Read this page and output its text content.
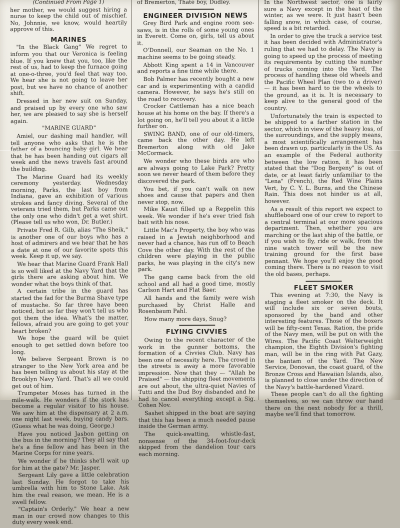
(Continued From Page 1)

her mother, we would suggest hiring a nurse to keep the child out of mischief. No, Johnnie, we know, would heartily approve of this.

MARINES

"In the Black Gang" We regret to inform you that our Veronica is feeling blue. If you knew that you, too, like the rest of us, had to keep the furnace going at one-o-three, you'd feel that way too. We hear she is not going to leave her post, but we have no chance of another shift.

Dressed in her new suit on Sunday, and praised up by every one who saw her, we are pleased to say she is herself again.

"MARINE GUARD"

Amiel, our dashing mail handler, will tell anyone who asks that he is the father of a bouncing baby girl. We hear that he has been handing out cigars all week and the news travels fast around the building.

The Marine Guard had its weekly ceremony yesterday. Wednesday morning, Parks, the last boy from Indiana, gave an exhibition of various strokes and fancy diving. Several of the veterans tried them, but Parks came out the only one who didn't get a wet shirt. (Please tell us who won, Dr. Butler.)

Private Fred R. Gilb, alias "The Sheik," is another one of our boys who has a host of admirers and we hear that he has a date at one of our favorite spots this week. Keep it up, we say.

We hear that Marine Guard Frank Hall is so well liked at the Navy Yard that the girls there are asking about him. We wonder what the boys think of that.

A certain tribe in the guard has started the fad for the Burma Shave type of mustache. So far three have been noticed, but so far they won't tell us who got them the idea. What's the matter, fellows, afraid you are going to get your heart broken?

We hope the guard will be quiet enough to get settled down before too long.

We believe Sergeant Brown is no stranger to the New York area and he has been telling us about his stay at the Brooklyn Navy Yard. That's all we could get out of him.

Trumpeter Moses has turned in the mile-walk. He wonders if the stork has become a regular visitor to his house. We saw him at the dispensary at 2 a.m. one night last week, buying candy bars. (Guess what he was doing, George.)

Have you noticed Jasbon getting on the bus in the morning? They all say that he's a fine fellow and has been in the Marine Corps for nine years.

We wonder if he thinks she'll wait up for him at the gate? Mr. Jasper.

Sergeant Lily gave a little celebration last Sunday. He forgot to take his umbrella with him to Stone Lake. Ask him the real reason, we mean. He is a swell fellow.

"Captain's Orderly." We hear a new man in our crowd now changes to this duty every week end.

of Bremerton, Thate boy, Dudley.

ENGINEER DIVISION NEWS

Grey Bird Park and engine room see-saws, is in the rolls of some young ones in Everett. Come on, girls, tell us about it.

O'Donnell, our Seaman on the No. 1 machine seems to be going steady.

Abbott King spent a 14 in Vancouver and reports a fine time while there.

Bob Palmer has recently bought a new car and is experimenting with a candid camera. However, he says he's still on the road to recovery.

Crocker Cattleman has a nice beach house at his home on the bay. If there's a lot going on, he'll tell you about it a little further on.

SWING BAND, one of our old-timers, came back the other day. He left Bremerton along with old Jake McCormack.

We wonder who these birds are who are always going to Lake Park? Pretty soon we never heard of them before they discovered the park.

You bet, if you can't walk on new shoes and cause that papers and then never stop, now.

Mike Kaust filled up a Reppelin this week. We wonder if he's ever tried fish bait with his nose.

Little Mac's Property, the boy who was raised in a Jewish neighborhood and never had a chance, has run off to Beach Cove the other day. With the rest of the children were playing in the public parks, he was playing in the city's new park.

The gang came back from the old school and all had a good time, mostly Carlson Hart and Flat Baer.

All hands and the family were wish purchased by Christ Halle and Rosenbaum Pahl.

How many more days, Snug?

FLYING CIVVIES

Owing to the recent character of the work in the gunner bottoms, the formation of a Civvies Club. Navy has been one of necessity here. The crowd in the streets is away a more favorable impression. Now that they — "Allah be Praised" — the shipping fleet movements are out about, the ultra-quiet Navies of Tutti and the Dud Boy disbanded and he had to cancel everything except a Sig. Cohen Nov.

Sashet shipped in the boat are saying that this has been a much needed pause inside the German army.

The quick-swatting, whistle-fast, nonsense of the 34-foot-four-deck skipped from the dandelion tour cars each morning.

In the Northwest sector, one is fairly sure a Navy except in the heat of the winter, as we were. It just hasn't been falling snow, in which case, of course, speed is a bit retarded.

In order to give the truck a service test it has been decided with Administrator's ruling that we had to delay. The Navy is going to speed up the process of meeting its requirements by cutting the number of trucks coming into the Yard. The process of handling these old wheels and the Pacific Wheel Plan (two to a driver) — it has been hard to tie the wheels to the ground, as it is. It is necessary to keep alive to the general good of the country.

Unfortunately the train is expected to be shipped to a farther station in the sector, which in view of the heavy loss, of the surroundings, and the supply means, a most scientifically arrangement has been drawn up, particularly in the US. As an example of the Federal authority between the low ration, it has been stated that the "Dog Bergeny" is out of date, or at least fairly unfamiliar to the "Lena" (French), the Red Wine Plains Vert, by C. Y. L. Burns, and the Chinese Rain. This does not hinder us at all, however.

As a result of this report we expect to shuffleboard one of our crew to report to a central terminal at our more spacious department. Then, whether you are marching or the last ship of the battle, or if you wish to fly, ride or walk, from the nine watch tower will be the new training ground for the first base pennant. We hope you'll enjoy the good coming there. There is no reason to visit the old bases, perhaps.

FLEET SMOKER

This evening at 7:30, the Navy is staging a fleet smoker on the deck. It will include six or seven bouts, sponsored by the band and other interesting features. Those of the boxers will be fifty-cent Texas. Ration, the pride of the Navy men, will be put on with the Wires. The Pacific Coast Welterweight champion, the Eighth Division's fighting man, will be in the ring with Pat Gazy, the bantam of the Yard. The New Service, Donovan, the coast guard, of the Bronze Cross and Hawaiian Islands, also, is planned to close under the direction of the Navy's battle-hardened Vizard.

These people can't do all the fighting themselves, so we can throw our hand there on the next nobody for a thrill, maybe we'll find that tomorrow.
